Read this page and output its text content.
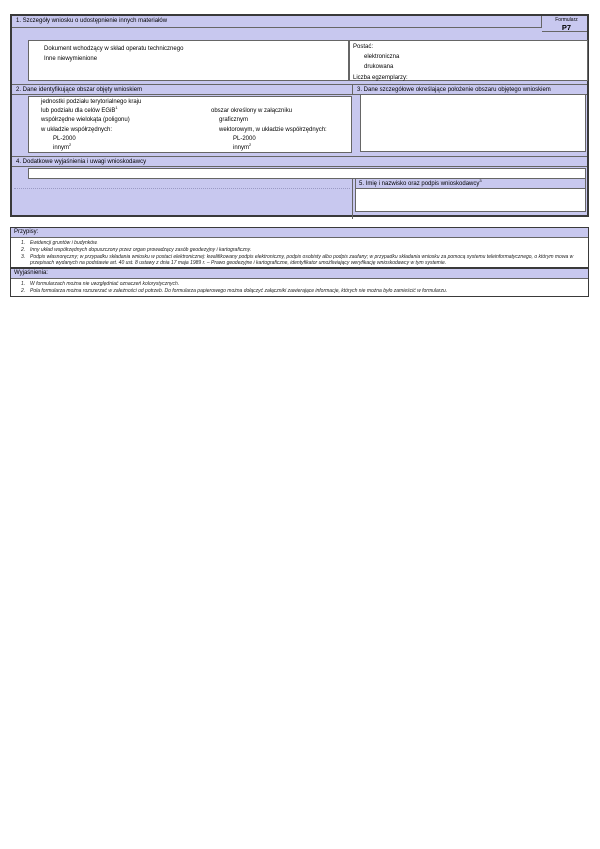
1. Szczegóły wniosku o udostępnienie innych materiałów	Formularz
P7
Dokument wchodzący w skład operatu technicznego
Inne niewymienione
Postać:
elektroniczna
drukowana
Liczba egzemplarzy:
2. Dane identyfikujące obszar objęty wnioskiem	3. Dane szczegółowe określające położenie obszaru objętego wnioskiem
jednostki podziału terytorialnego kraju
lub podziału dla celów EGiB$^1$
współrzędne wielokąta (poligonu)
w układzie współrzędnych:
PL-2000
innym$^2$
obszar określony w załączniku
graficznym
wektorowym, w układzie współrzędnych:
PL-2000
innym$^2$
4. Dodatkowe wyjaśnienia i uwagi wnioskodawcy
5. Imię i nazwisko oraz podpis wnioskodawcy$^3$
Przypisy:
1. Ewidencji gruntów i budynków.
2. Inny układ współrzędnych dopuszczony przez organ prowadzący zasób geodezyjny i kartograficzny.
3. Podpis własnoręczny; w przypadku składania wniosku w postaci elektronicznej: kwalifikowany podpis elektroniczny, podpis osobisty albo podpis zaufany; w przypadku składania wniosku za pomocą systemu teleinformatycznego, o którym mowa w przepisach wydanych na podstawie art. 40 ust. 8 ustawy z dnia 17 maja 1989 r. – Prawo geodezyjne i kartograficzne, identyfikator umożliwiający weryfikację wnioskodawcy w tym systemie.
Wyjaśnienia:
1. W formularzach można nie uwzględniać oznaczeń kolorystycznych.
2. Pola formularza można rozszerzać w zależności od potrzeb. Do formularza papierowego można dołączyć załączniki zawierające informacje, których nie można było zamieścić w formularzu.
